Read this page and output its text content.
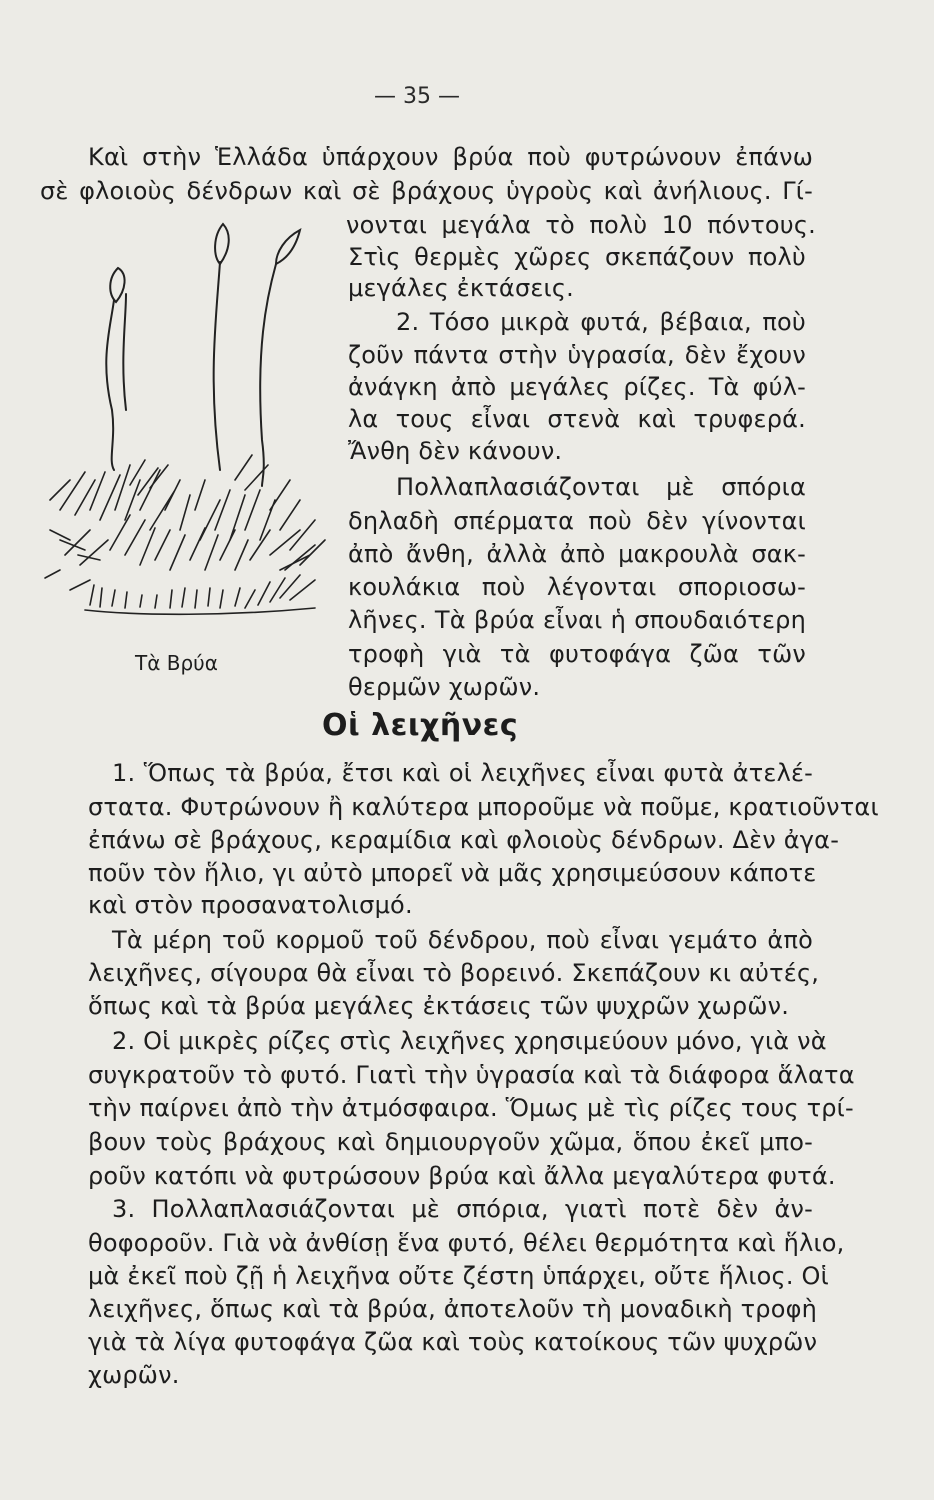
— 35 —
Καὶ στὴν Ἑλλάδα ὑπάρχουν βρύα ποὺ φυτρώνουν ἐπάνω
σὲ φλοιοὺς δένδρων καὶ σὲ βράχους ὑγροὺς καὶ ἀνήλιους. Γί-
Τὰ Βρύα
νονται μεγάλα τὸ πολὺ 10 πόντους.
Στὶς θερμὲς χῶρες σκεπάζουν πολὺ
μεγάλες ἐκτάσεις.
2. Τόσο μικρὰ φυτά, βέβαια, ποὺ
ζοῦν πάντα στὴν ὑγρασία, δὲν ἔχουν
ἀνάγκη ἀπὸ μεγάλες ρίζες. Τὰ φύλ-
λα τους εἶναι στενὰ καὶ τρυφερά.
Ἄνθη δὲν κάνουν.
Πολλαπλασιάζονται μὲ σπόρια
δηλαδὴ σπέρματα ποὺ δὲν γίνονται
ἀπὸ ἄνθη, ἀλλὰ ἀπὸ μακρουλὰ σακ-
κουλάκια ποὺ λέγονται σποριοσω-
λῆνες. Τὰ βρύα εἶναι ἡ σπουδαιότερη
τροφὴ γιὰ τὰ φυτοφάγα ζῶα τῶν
θερμῶν χωρῶν.
Οἱ λειχῆνες
1. Ὅπως τὰ βρύα, ἔτσι καὶ οἱ λειχῆνες εἶναι φυτὰ ἀτελέ-
στατα. Φυτρώνουν ἢ καλύτερα μποροῦμε νὰ ποῦμε, κρατιοῦνται
ἐπάνω σὲ βράχους, κεραμίδια καὶ φλοιοὺς δένδρων. Δὲν ἀγα-
ποῦν τὸν ἥλιο, γι αὐτὸ μπορεῖ νὰ μᾶς χρησιμεύσουν κάποτε
καὶ στὸν προσανατολισμό.
Τὰ μέρη τοῦ κορμοῦ τοῦ δένδρου, ποὺ εἶναι γεμάτο ἀπὸ
λειχῆνες, σίγουρα θὰ εἶναι τὸ βορεινό. Σκεπάζουν κι αὐτές,
ὅπως καὶ τὰ βρύα μεγάλες ἐκτάσεις τῶν ψυχρῶν χωρῶν.
2. Οἱ μικρὲς ρίζες στὶς λειχῆνες χρησιμεύουν μόνο, γιὰ νὰ
συγκρατοῦν τὸ φυτό. Γιατὶ τὴν ὑγρασία καὶ τὰ διάφορα ἅλατα
τὴν παίρνει ἀπὸ τὴν ἀτμόσφαιρα. Ὅμως μὲ τὶς ρίζες τους τρί-
βουν τοὺς βράχους καὶ δημιουργοῦν χῶμα, ὅπου ἐκεῖ μπο-
ροῦν κατόπι νὰ φυτρώσουν βρύα καὶ ἄλλα μεγαλύτερα φυτά.
3. Πολλαπλασιάζονται μὲ σπόρια, γιατὶ ποτὲ δὲν ἀν-
θοφοροῦν. Γιὰ νὰ ἀνθίσῃ ἕνα φυτό, θέλει θερμότητα καὶ ἥλιο,
μὰ ἐκεῖ ποὺ ζῇ ἡ λειχῆνα οὔτε ζέστη ὑπάρχει, οὔτε ἥλιος. Οἱ
λειχῆνες, ὅπως καὶ τὰ βρύα, ἀποτελοῦν τὴ μοναδικὴ τροφὴ
γιὰ τὰ λίγα φυτοφάγα ζῶα καὶ τοὺς κατοίκους τῶν ψυχρῶν
χωρῶν.
